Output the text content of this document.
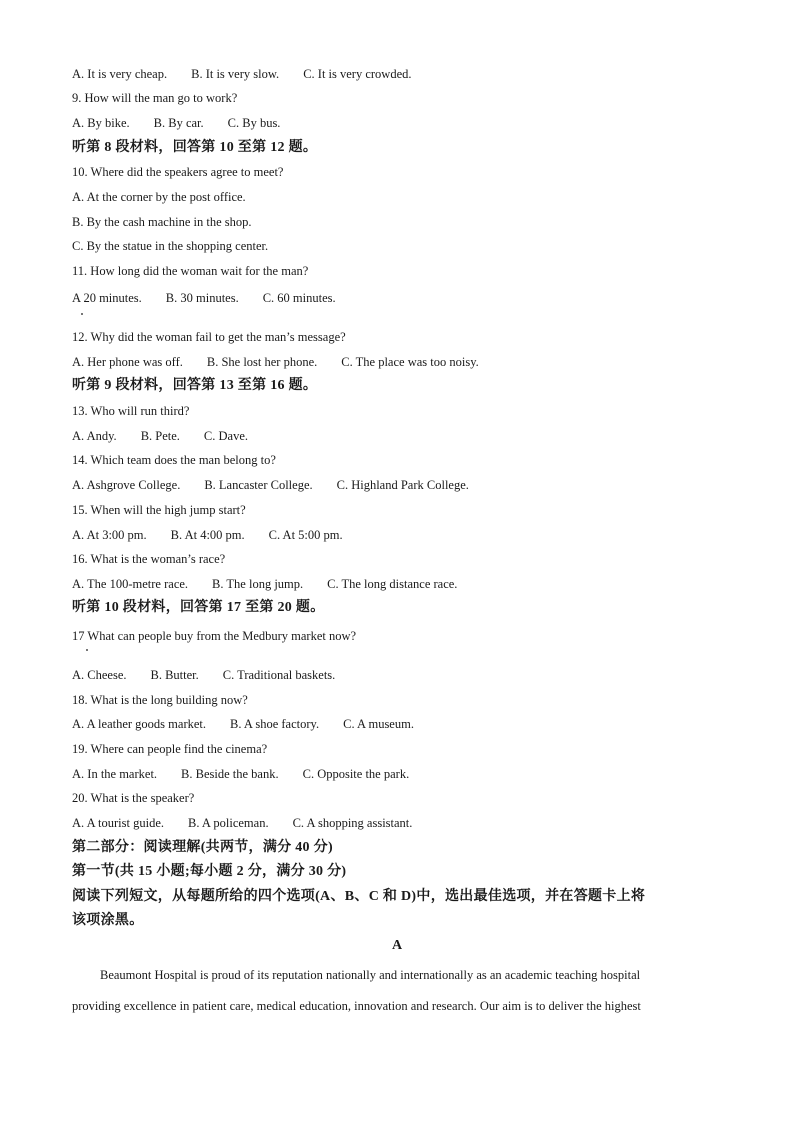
A. It is very cheap. B. It is very slow. C. It is very crowded.
9. How will the man go to work?
A. By bike. B. By car. C. By bus.
听第 8 段材料，回答第 10 至第 12 题。
10. Where did the speakers agree to meet?
A. At the corner by the post office.
B. By the cash machine in the shop.
C. By the statue in the shopping center.
11. How long did the woman wait for the man?
A 20 minutes. B. 30 minutes. C. 60 minutes.
12. Why did the woman fail to get the man’s message?
A. Her phone was off. B. She lost her phone. C. The place was too noisy.
听第 9 段材料，回答第 13 至第 16 题。
13. Who will run third?
A. Andy. B. Pete. C. Dave.
14. Which team does the man belong to?
A. Ashgrove College. B. Lancaster College. C. Highland Park College.
15. When will the high jump start?
A. At 3:00 pm. B. At 4:00 pm. C. At 5:00 pm.
16. What is the woman’s race?
A. The 100-metre race. B. The long jump. C. The long distance race.
听第 10 段材料，回答第 17 至第 20 题。
17 What can people buy from the Medbury market now?
A. Cheese. B. Butter. C. Traditional baskets.
18. What is the long building now?
A. A leather goods market. B. A shoe factory. C. A museum.
19. Where can people find the cinema?
A. In the market. B. Beside the bank. C. Opposite the park.
20. What is the speaker?
A. A tourist guide. B. A policeman. C. A shopping assistant.
第二部分：阅读理解(共两节，满分 40 分)
第一节(共 15 小题;每小题 2 分，满分 30 分)
阅读下列短文，从每题所给的四个选项(A、B、C 和 D)中，选出最佳选项，并在答题卡上将
该项涂黑。
A
Beaumont Hospital is proud of its reputation nationally and internationally as an academic teaching hospital
providing excellence in patient care, medical education, innovation and research. Our aim is to deliver the highest
